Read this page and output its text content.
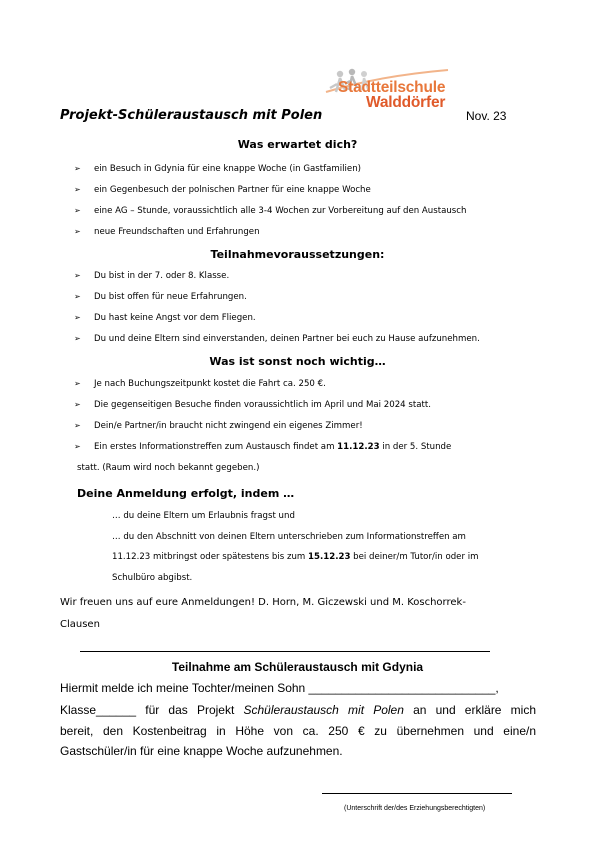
Stadtteilschule
Walddörfer
Projekt-Schüleraustausch mit Polen	Nov. 23
Was erwartet dich?
➢ ein Besuch in Gdynia für eine knappe Woche (in Gastfamilien)
➢ ein Gegenbesuch der polnischen Partner für eine knappe Woche
➢ eine AG – Stunde, voraussichtlich alle 3-4 Wochen zur Vorbereitung auf den Austausch
➢ neue Freundschaften und Erfahrungen
Teilnahmevoraussetzungen:
➢ Du bist in der 7. oder 8. Klasse.
➢ Du bist offen für neue Erfahrungen.
➢ Du hast keine Angst vor dem Fliegen.
➢ Du und deine Eltern sind einverstanden, deinen Partner bei euch zu Hause aufzunehmen.
Was ist sonst noch wichtig…
➢ Je nach Buchungszeitpunkt kostet die Fahrt ca. 250 €.
➢ Die gegenseitigen Besuche finden voraussichtlich im April und Mai 2024 statt.
➢ Dein/e Partner/in braucht nicht zwingend ein eigenes Zimmer!
➢ Ein erstes Informationstreffen zum Austausch findet am 11.12.23 in der 5. Stunde
statt. (Raum wird noch bekannt gegeben.)
Deine Anmeldung erfolgt, indem …
… du deine Eltern um Erlaubnis fragst und
… du den Abschnitt von deinen Eltern unterschrieben zum Informationstreffen am
11.12.23 mitbringst oder spätestens bis zum 15.12.23 bei deiner/m Tutor/in oder im
Schulbüro abgibst.
Wir freuen uns auf eure Anmeldungen! D. Horn, M. Giczewski und M. Koschorrek-
Clausen
Teilnahme am Schüleraustausch mit Gdynia
Hiermit melde ich meine Tochter/meinen Sohn ____________________________,
Klasse______  für  das  Projekt  Schüleraustausch  mit  Polen  an  und  erkläre  mich
bereit,  den  Kostenbeitrag  in  Höhe  von  ca.  250  €  zu  übernehmen  und  eine/n
Gastschüler/in für eine knappe Woche aufzunehmen.
(Unterschrift der/des Erziehungsberechtigten)
